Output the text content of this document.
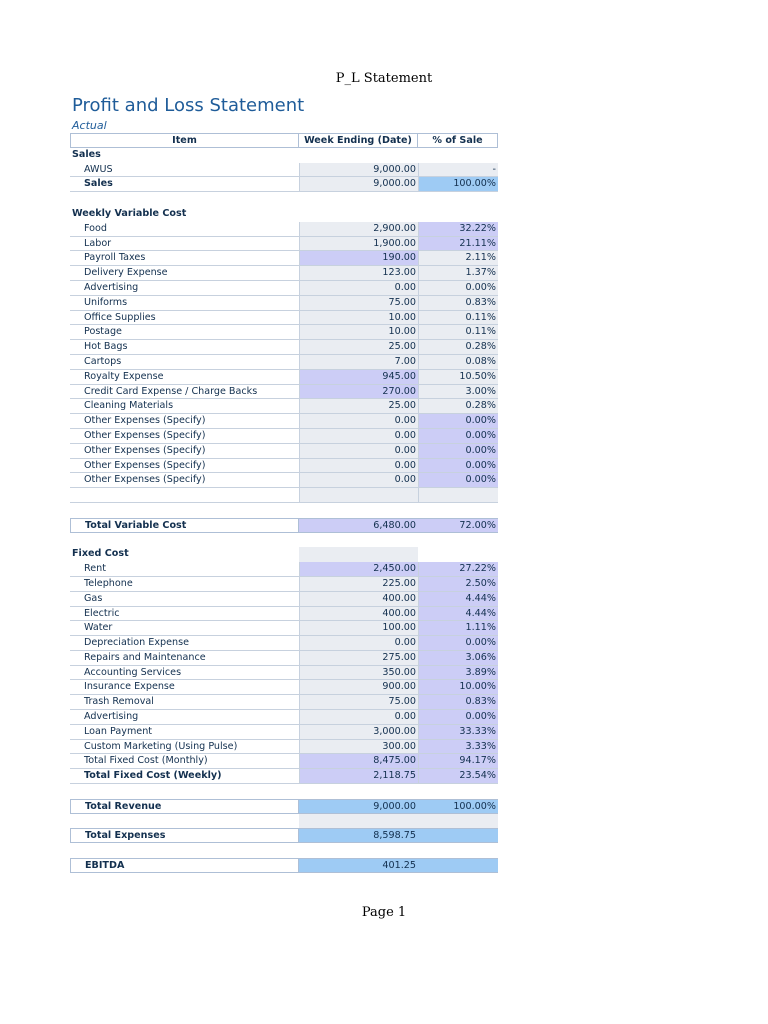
P_L Statement
Profit and Loss Statement
Actual
Item	Week Ending (Date)	% of Sale
Sales
AWUS	9,000.00	-
Sales	9,000.00	100.00%
Weekly Variable Cost
Food	2,900.00	32.22%
Labor	1,900.00	21.11%
Payroll Taxes	190.00	2.11%
Delivery Expense	123.00	1.37%
Advertising	0.00	0.00%
Uniforms	75.00	0.83%
Office Supplies	10.00	0.11%
Postage	10.00	0.11%
Hot Bags	25.00	0.28%
Cartops	7.00	0.08%
Royalty Expense	945.00	10.50%
Credit Card Expense / Charge Backs	270.00	3.00%
Cleaning Materials	25.00	0.28%
Other Expenses (Specify)	0.00	0.00%
Other Expenses (Specify)	0.00	0.00%
Other Expenses (Specify)	0.00	0.00%
Other Expenses (Specify)	0.00	0.00%
Other Expenses (Specify)	0.00	0.00%
Total Variable Cost	6,480.00	72.00%
Fixed Cost
Rent	2,450.00	27.22%
Telephone	225.00	2.50%
Gas	400.00	4.44%
Electric	400.00	4.44%
Water	100.00	1.11%
Depreciation Expense	0.00	0.00%
Repairs and Maintenance	275.00	3.06%
Accounting Services	350.00	3.89%
Insurance Expense	900.00	10.00%
Trash Removal	75.00	0.83%
Advertising	0.00	0.00%
Loan Payment	3,000.00	33.33%
Custom Marketing (Using Pulse)	300.00	3.33%
Total Fixed Cost (Monthly)	8,475.00	94.17%
Total Fixed Cost (Weekly)	2,118.75	23.54%
Total Revenue	9,000.00	100.00%
Total Expenses	8,598.75
EBITDA	401.25
Page 1
